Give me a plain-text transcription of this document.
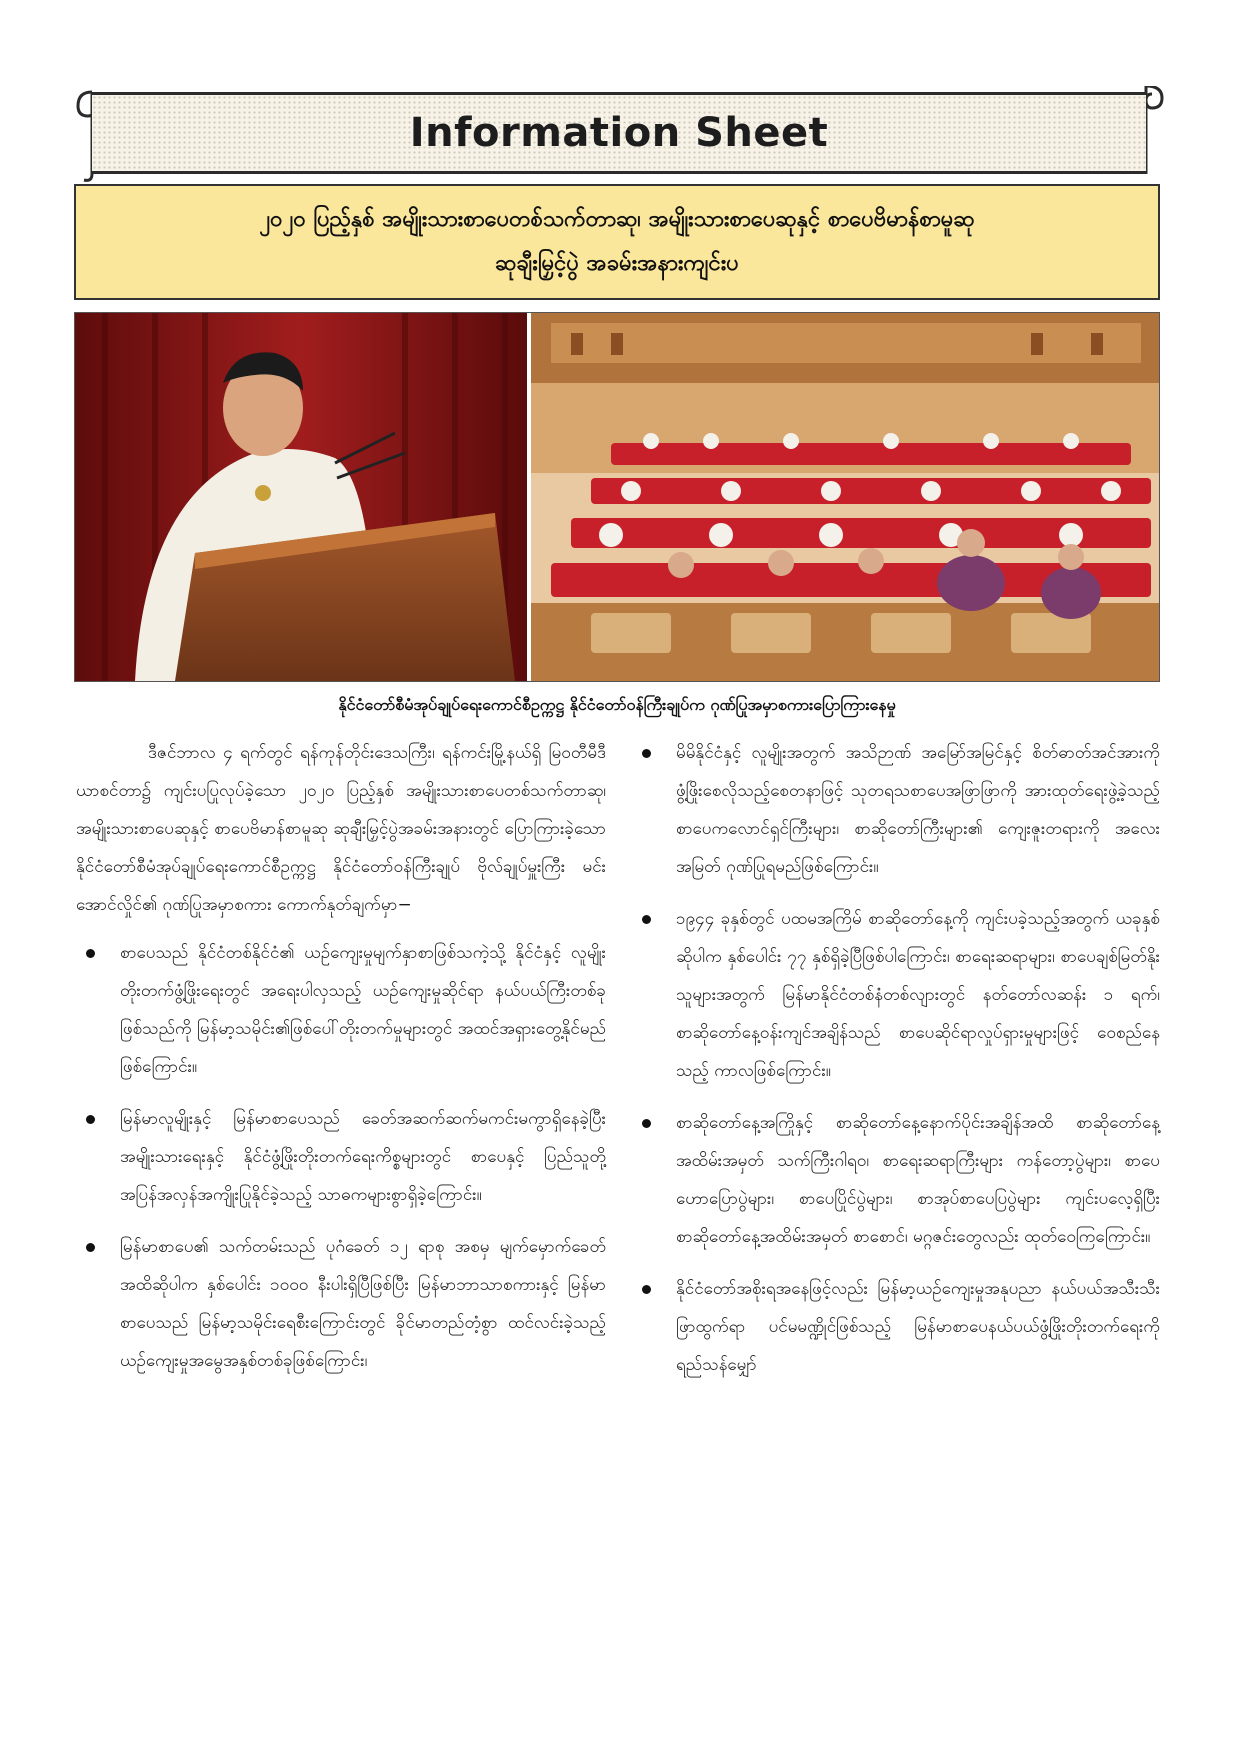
Information Sheet
၂၀၂၀ ပြည့်နှစ် အမျိုးသားစာပေတစ်သက်တာဆု၊ အမျိုးသားစာပေဆုနှင့် စာပေဗိမာန်စာမူဆု
ဆုချီးမြှင့်ပွဲ အခမ်းအနားကျင်းပ
နိုင်ငံတော်စီမံအုပ်ချုပ်ရေးကောင်စီဥက္ကဋ္ဌ နိုင်ငံတော်ဝန်ကြီးချုပ်က ဂုဏ်ပြုအမှာစကားပြောကြားနေမှု

ဒီဇင်ဘာလ ၄ ရက်တွင် ရန်ကုန်တိုင်းဒေသကြီး၊ ရန်ကင်းမြို့နယ်ရှိ မြဝတီမီဒီယာစင်တာ၌ ကျင်းပပြုလုပ်ခဲ့သော ၂၀၂၀ ပြည့်နှစ် အမျိုးသားစာပေတစ်သက်တာဆု၊ အမျိုးသားစာပေဆုနှင့် စာပေဗိမာန်စာမူဆု ဆုချီးမြှင့်ပွဲအခမ်းအနားတွင် ပြောကြားခဲ့သော နိုင်ငံတော်စီမံအုပ်ချုပ်ရေးကောင်စီဥက္ကဋ္ဌ နိုင်ငံတော်ဝန်ကြီးချုပ် ဗိုလ်ချုပ်မှူးကြီး မင်းအောင်လှိုင်၏ ဂုဏ်ပြုအမှာစကား ကောက်နုတ်ချက်မှာ−

စာပေသည် နိုင်ငံတစ်နိုင်ငံ၏ ယဉ်ကျေးမှုမျက်နှာစာဖြစ်သကဲ့သို့ နိုင်ငံနှင့် လူမျိုးတိုးတက်ဖွံ့ဖြိုးရေးတွင် အရေးပါလှသည့် ယဉ်ကျေးမှုဆိုင်ရာ နယ်ပယ်ကြီးတစ်ခုဖြစ်သည်ကို မြန်မာ့သမိုင်း၏ဖြစ်ပေါ်တိုးတက်မှုများတွင် အထင်အရှားတွေ့နိုင်မည်ဖြစ်ကြောင်း။
မြန်မာလူမျိုးနှင့် မြန်မာစာပေသည် ခေတ်အဆက်ဆက်မကင်းမကွာရှိနေခဲ့ပြီး အမျိုးသားရေးနှင့် နိုင်ငံဖွံ့ဖြိုးတိုးတက်ရေးကိစ္စများတွင် စာပေနှင့် ပြည်သူတို့ အပြန်အလှန်အကျိုးပြုနိုင်ခဲ့သည့် သာဓကများစွာရှိခဲ့ကြောင်း။
မြန်မာစာပေ၏ သက်တမ်းသည် ပုဂံခေတ် ၁၂ ရာစု အစမှ မျက်မှောက်ခေတ်အထိဆိုပါက နှစ်ပေါင်း ၁၀၀၀ နီးပါးရှိပြီဖြစ်ပြီး မြန်မာဘာသာစကားနှင့် မြန်မာစာပေသည် မြန်မာ့သမိုင်းရေစီးကြောင်းတွင် ခိုင်မာတည်တံ့စွာ ထင်လင်းခဲ့သည့် ယဉ်ကျေးမှုအမွေအနှစ်တစ်ခုဖြစ်ကြောင်း၊
မိမိနိုင်ငံနှင့် လူမျိုးအတွက် အသိဉာဏ် အမြော်အမြင်နှင့် စိတ်ဓာတ်အင်အားကို ဖွံ့ဖြိုးစေလိုသည့်စေတနာဖြင့် သုတရသစာပေအဖြာဖြာကို အားထုတ်ရေးဖွဲ့ခဲ့သည့် စာပေကလောင်ရှင်ကြီးများ၊ စာဆိုတော်ကြီးများ၏ ကျေးဇူးတရားကို အလေးအမြတ် ဂုဏ်ပြုရမည်ဖြစ်ကြောင်း။
၁၉၄၄ ခုနှစ်တွင် ပထမအကြိမ် စာဆိုတော်နေ့ကို ကျင်းပခဲ့သည့်အတွက် ယခုနှစ်ဆိုပါက နှစ်ပေါင်း ၇၇ နှစ်ရှိခဲ့ပြီဖြစ်ပါကြောင်း၊ စာရေးဆရာများ၊ စာပေချစ်မြတ်နိုးသူများအတွက် မြန်မာနိုင်ငံတစ်နံတစ်လျားတွင် နတ်တော်လဆန်း ၁ ရက်၊ စာဆိုတော်နေ့ဝန်းကျင်အချိန်သည် စာပေဆိုင်ရာလှုပ်ရှားမှုများဖြင့် ဝေစည်နေသည့် ကာလဖြစ်ကြောင်း။
စာဆိုတော်နေ့အကြိုနှင့် စာဆိုတော်နေ့နောက်ပိုင်းအချိန်အထိ စာဆိုတော်နေ့အထိမ်းအမှတ် သက်ကြီးဂါရဝ၊ စာရေးဆရာကြီးများ ကန်တော့ပွဲများ၊ စာပေဟောပြောပွဲများ၊ စာပေပြိုင်ပွဲများ၊ စာအုပ်စာပေပြပွဲများ ကျင်းပလေ့ရှိပြီး စာဆိုတော်နေ့အထိမ်းအမှတ် စာစောင်၊ မဂ္ဂဇင်းတွေလည်း ထုတ်ဝေကြကြောင်း။
နိုင်ငံတော်အစိုးရအနေဖြင့်လည်း မြန်မာ့ယဉ်ကျေးမှုအနုပညာ နယ်ပယ်အသီးသီးဖြာထွက်ရာ ပင်မမဏ္ဍိုင်ဖြစ်သည့် မြန်မာစာပေနယ်ပယ်ဖွံ့ဖြိုးတိုးတက်ရေးကို ရည်သန်မျှော်
